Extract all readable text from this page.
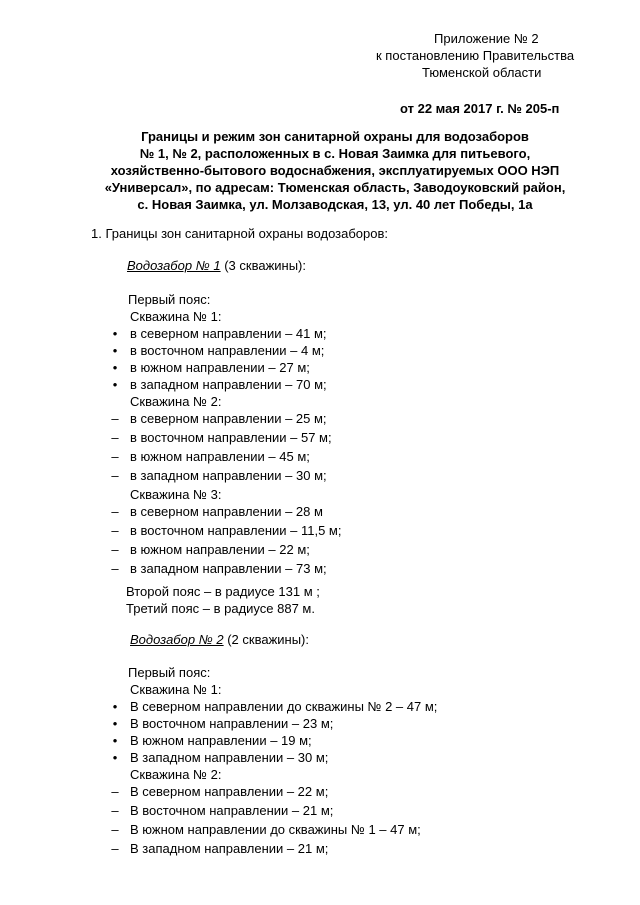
Приложение № 2
к постановлению Правительства
Тюменской области
от 22 мая 2017 г. № 205-п
Границы и режим зон санитарной охраны для водозаборов
№ 1, № 2, расположенных в с. Новая Заимка для питьевого,
хозяйственно-бытового водоснабжения, эксплуатируемых ООО НЭП
«Универсал», по адресам: Тюменская область, Заводоуковский район,
с. Новая Заимка, ул. Молзаводская, 13, ул. 40 лет Победы, 1а
1. Границы зон санитарной охраны водозаборов:
Водозабор № 1 (3 скважины):
Первый пояс:
Скважина № 1:
• в северном направлении – 41 м;
• в восточном направлении – 4 м;
• в южном направлении – 27 м;
• в западном направлении – 70 м;
Скважина № 2:
– в северном направлении – 25 м;
– в восточном направлении – 57 м;
– в южном направлении – 45 м;
– в западном направлении – 30 м;
Скважина № 3:
– в северном направлении – 28 м
– в восточном направлении – 11,5 м;
– в южном направлении – 22 м;
– в западном направлении – 73 м;
Второй пояс – в радиусе 131 м ;
Третий пояс – в радиусе 887 м.
Водозабор № 2 (2 скважины):
Первый пояс:
Скважина № 1:
• В северном направлении до скважины № 2 – 47 м;
• В восточном направлении – 23 м;
• В южном направлении – 19 м;
• В западном направлении – 30 м;
Скважина № 2:
– В северном направлении – 22 м;
– В восточном направлении – 21 м;
– В южном направлении до скважины № 1 – 47 м;
– В западном направлении – 21 м;
